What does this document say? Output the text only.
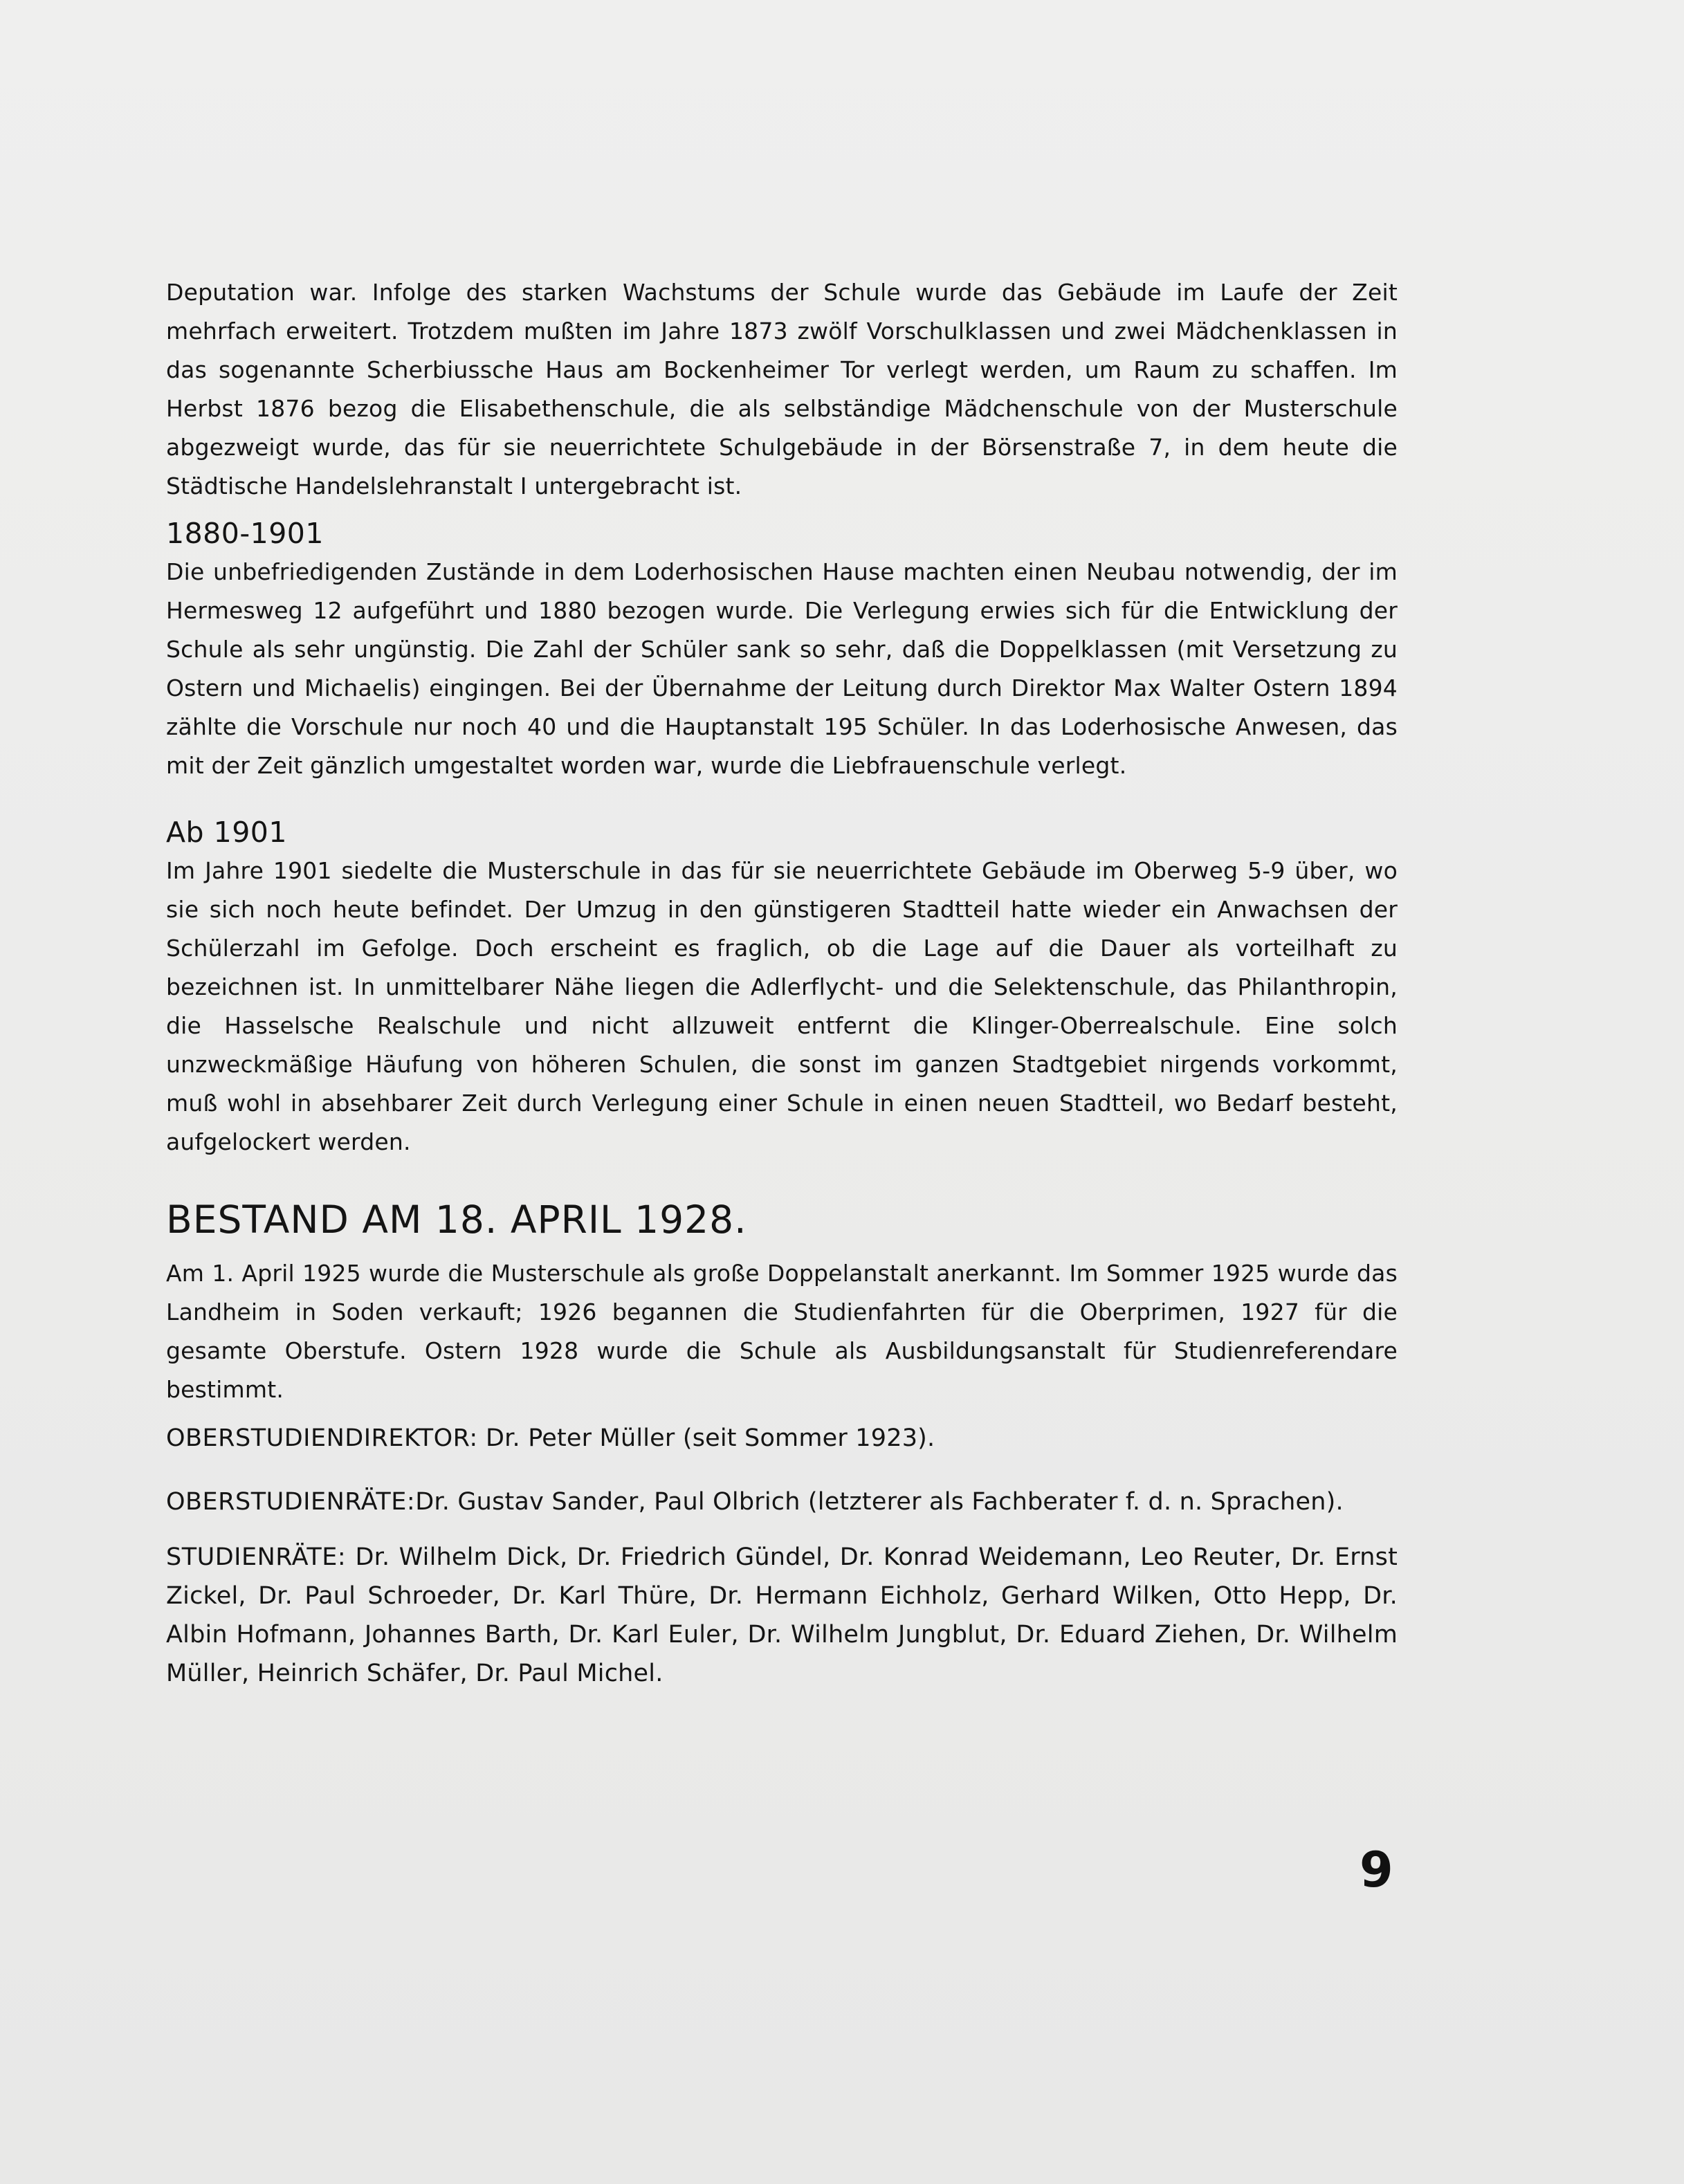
Deputation war. Infolge des starken Wachstums der Schule wurde das Gebäude im Laufe der Zeit mehrfach erweitert. Trotzdem mußten im Jahre 1873 zwölf Vorschulklassen und zwei Mädchenklassen in das sogenannte Scherbiussche Haus am Bockenheimer Tor verlegt werden, um Raum zu schaffen. Im Herbst 1876 bezog die Elisabethenschule, die als selbständige Mädchenschule von der Musterschule abgezweigt wurde, das für sie neuerrichtete Schulgebäude in der Börsenstraße 7, in dem heute die Städtische Handelslehranstalt I untergebracht ist.

1880-1901

Die unbefriedigenden Zustände in dem Loderhosischen Hause machten einen Neubau notwendig, der im Hermesweg 12 aufgeführt und 1880 bezogen wurde. Die Verlegung erwies sich für die Entwicklung der Schule als sehr ungünstig. Die Zahl der Schüler sank so sehr, daß die Doppelklassen (mit Versetzung zu Ostern und Michaelis) eingingen. Bei der Übernahme der Leitung durch Direktor Max Walter Ostern 1894 zählte die Vorschule nur noch 40 und die Hauptanstalt 195 Schüler. In das Loderhosische Anwesen, das mit der Zeit gänzlich umgestaltet worden war, wurde die Liebfrauenschule verlegt.

Ab 1901

Im Jahre 1901 siedelte die Musterschule in das für sie neuerrichtete Gebäude im Oberweg 5-9 über, wo sie sich noch heute befindet. Der Umzug in den günstigeren Stadtteil hatte wieder ein Anwachsen der Schülerzahl im Gefolge. Doch erscheint es fraglich, ob die Lage auf die Dauer als vorteilhaft zu bezeichnen ist. In unmittelbarer Nähe liegen die Adlerflycht- und die Selektenschule, das Philanthropin, die Hasselsche Realschule und nicht allzuweit entfernt die Klinger-Oberrealschule. Eine solch unzweckmäßige Häufung von höheren Schulen, die sonst im ganzen Stadtgebiet nirgends vorkommt, muß wohl in absehbarer Zeit durch Verlegung einer Schule in einen neuen Stadtteil, wo Bedarf besteht, aufgelockert werden.

BESTAND AM 18. APRIL 1928.

Am 1. April 1925 wurde die Musterschule als große Doppelanstalt anerkannt. Im Sommer 1925 wurde das Landheim in Soden verkauft; 1926 begannen die Studienfahrten für die Oberprimen, 1927 für die gesamte Oberstufe. Ostern 1928 wurde die Schule als Ausbildungsanstalt für Studienreferendare bestimmt.

OBERSTUDIENDIREKTOR: Dr. Peter Müller (seit Sommer 1923).

OBERSTUDIENRÄTE:Dr. Gustav Sander, Paul Olbrich (letzterer als Fachberater f. d. n. Sprachen).

STUDIENRÄTE: Dr. Wilhelm Dick, Dr. Friedrich Gündel, Dr. Konrad Weidemann, Leo Reuter, Dr. Ernst Zickel, Dr. Paul Schroeder, Dr. Karl Thüre, Dr. Hermann Eichholz, Gerhard Wilken, Otto Hepp, Dr. Albin Hofmann, Johannes Barth, Dr. Karl Euler, Dr. Wilhelm Jungblut, Dr. Eduard Ziehen, Dr. Wilhelm Müller, Heinrich Schäfer, Dr. Paul Michel.

9
